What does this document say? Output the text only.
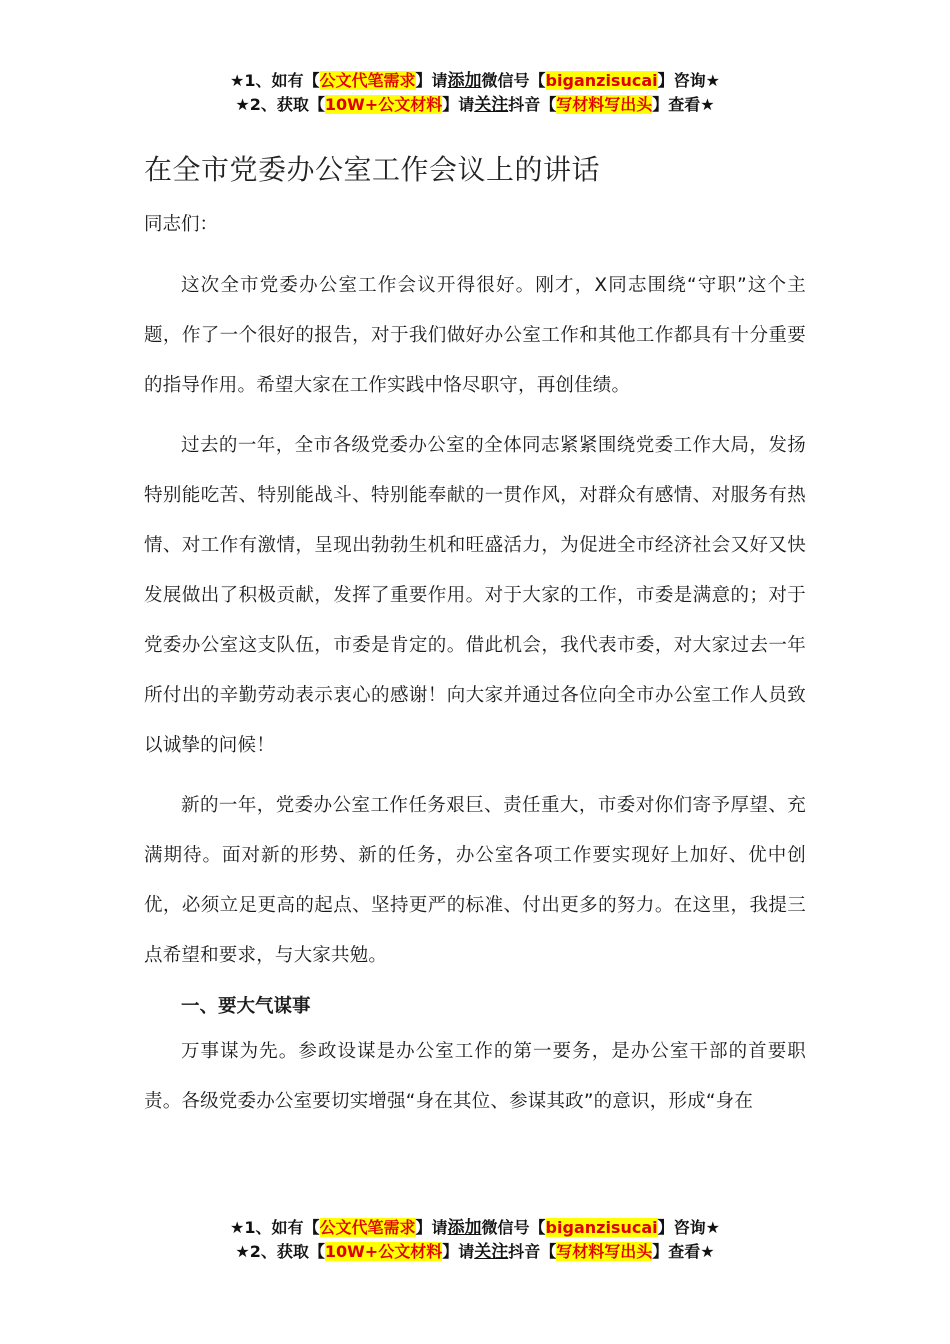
★1、如有【公文代笔需求】请添加微信号【biganzisucai】咨询★
★2、获取【10W+公文材料】请关注抖音【写材料写出头】查看★
在全市党委办公室工作会议上的讲话

同志们：

这次全市党委办公室工作会议开得很好。刚才，X同志围绕“守职”这个主题，作了一个很好的报告，对于我们做好办公室工作和其他工作都具有十分重要的指导作用。希望大家在工作实践中恪尽职守，再创佳绩。

过去的一年，全市各级党委办公室的全体同志紧紧围绕党委工作大局，发扬特别能吃苦、特别能战斗、特别能奉献的一贯作风，对群众有感情、对服务有热情、对工作有激情，呈现出勃勃生机和旺盛活力，为促进全市经济社会又好又快发展做出了积极贡献，发挥了重要作用。对于大家的工作，市委是满意的；对于党委办公室这支队伍，市委是肯定的。借此机会，我代表市委，对大家过去一年所付出的辛勤劳动表示衷心的感谢！向大家并通过各位向全市办公室工作人员致以诚挚的问候！

新的一年，党委办公室工作任务艰巨、责任重大，市委对你们寄予厚望、充满期待。面对新的形势、新的任务，办公室各项工作要实现好上加好、优中创优，必须立足更高的起点、坚持更严的标准、付出更多的努力。在这里，我提三点希望和要求，与大家共勉。

一、要大气谋事

万事谋为先。参政设谋是办公室工作的第一要务，是办公室干部的首要职责。各级党委办公室要切实增强“身在其位、参谋其政”的意识，形成“身在

★1、如有【公文代笔需求】请添加微信号【biganzisucai】咨询★
★2、获取【10W+公文材料】请关注抖音【写材料写出头】查看★
